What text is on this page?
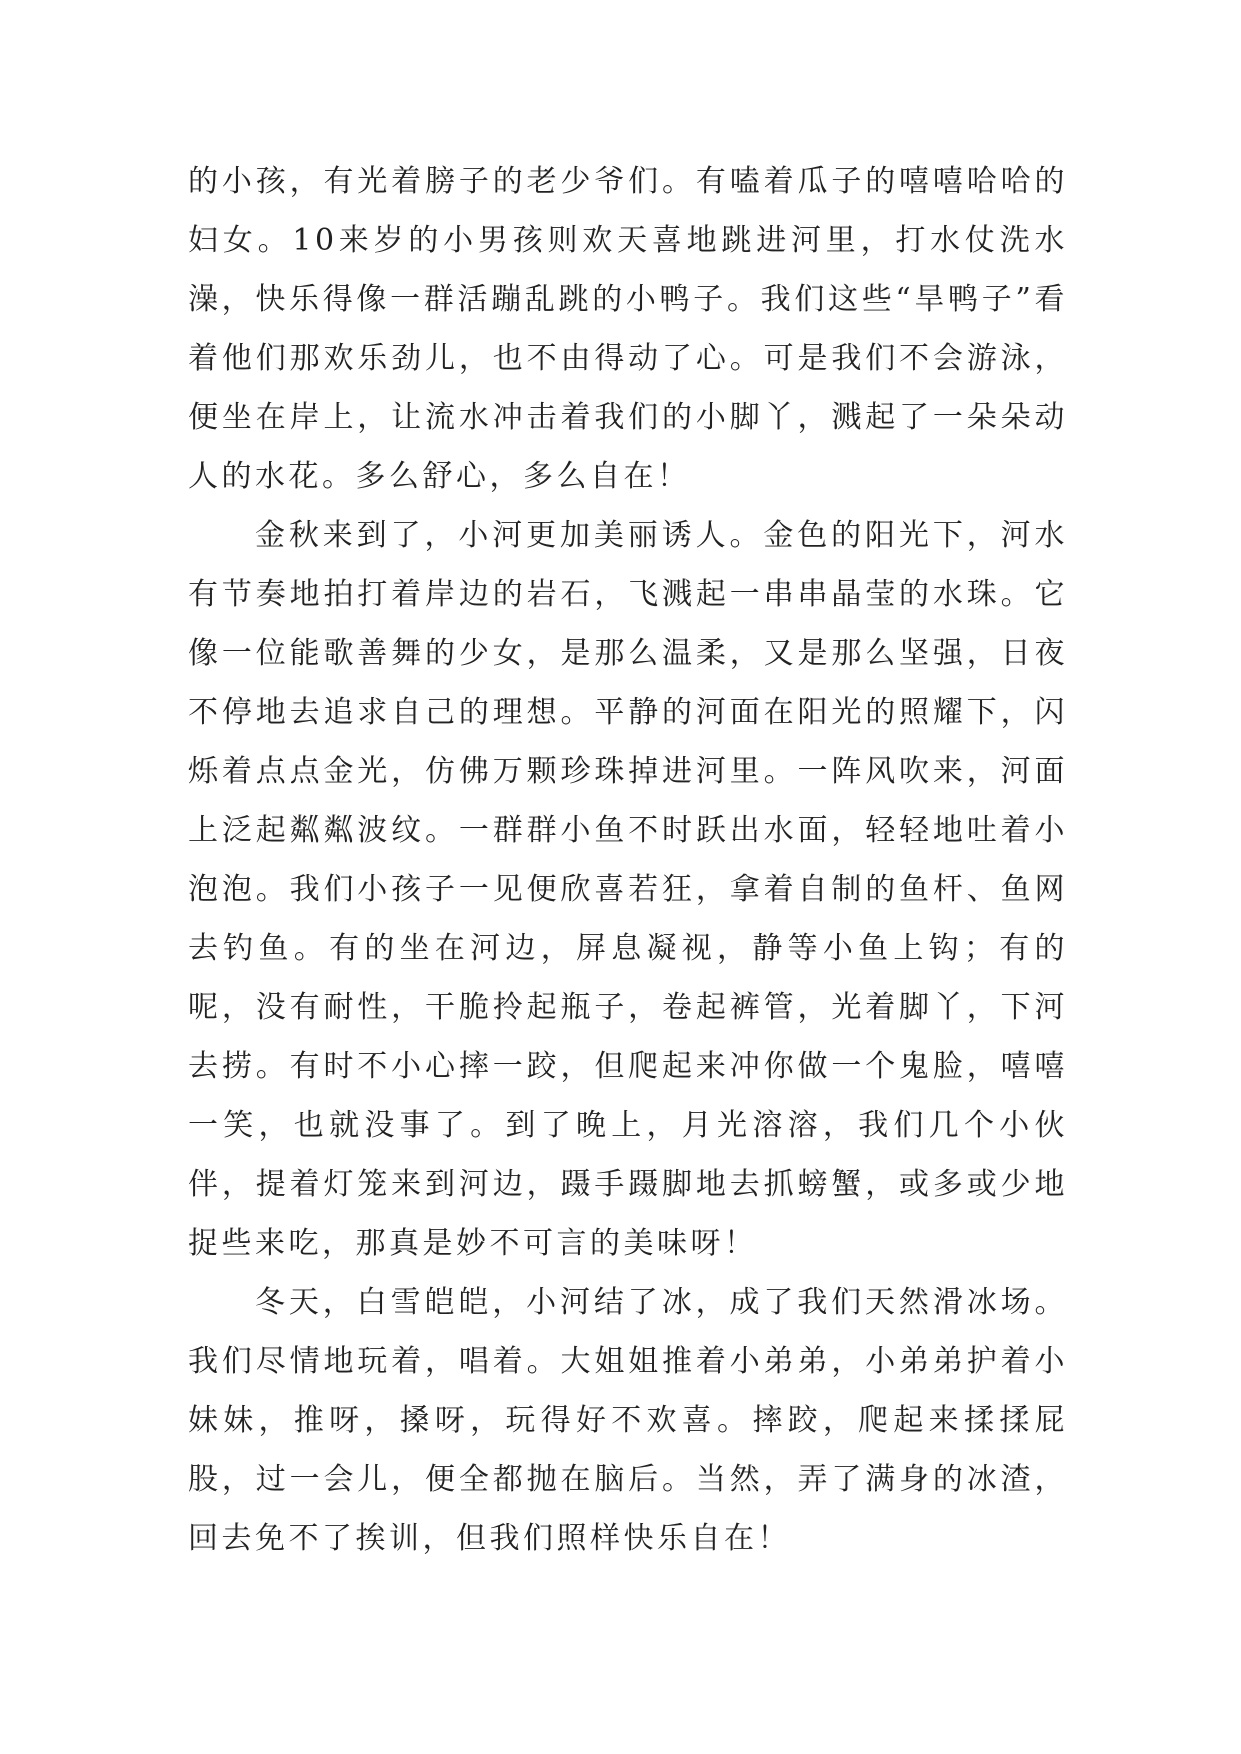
的小孩，有光着膀子的老少爷们。有嗑着瓜子的嘻嘻哈哈的妇女。10来岁的小男孩则欢天喜地跳进河里，打水仗洗水澡，快乐得像一群活蹦乱跳的小鸭子。我们这些“旱鸭子”看着他们那欢乐劲儿，也不由得动了心。可是我们不会游泳，便坐在岸上，让流水冲击着我们的小脚丫，溅起了一朵朵动人的水花。多么舒心，多么自在！

金秋来到了，小河更加美丽诱人。金色的阳光下，河水有节奏地拍打着岸边的岩石，飞溅起一串串晶莹的水珠。它像一位能歌善舞的少女，是那么温柔，又是那么坚强，日夜不停地去追求自己的理想。平静的河面在阳光的照耀下，闪烁着点点金光，仿佛万颗珍珠掉进河里。一阵风吹来，河面上泛起粼粼波纹。一群群小鱼不时跃出水面，轻轻地吐着小泡泡。我们小孩子一见便欣喜若狂，拿着自制的鱼杆、鱼网去钓鱼。有的坐在河边，屏息凝视，静等小鱼上钩；有的呢，没有耐性，干脆拎起瓶子，卷起裤管，光着脚丫，下河去捞。有时不小心摔一跤，但爬起来冲你做一个鬼脸，嘻嘻一笑，也就没事了。到了晚上，月光溶溶，我们几个小伙伴，提着灯笼来到河边，蹑手蹑脚地去抓螃蟹，或多或少地捉些来吃，那真是妙不可言的美味呀！

冬天，白雪皑皑，小河结了冰，成了我们天然滑冰场。我们尽情地玩着，唱着。大姐姐推着小弟弟，小弟弟护着小妹妹，推呀，搡呀，玩得好不欢喜。摔跤，爬起来揉揉屁股，过一会儿，便全都抛在脑后。当然，弄了满身的冰渣，回去免不了挨训，但我们照样快乐自在！
